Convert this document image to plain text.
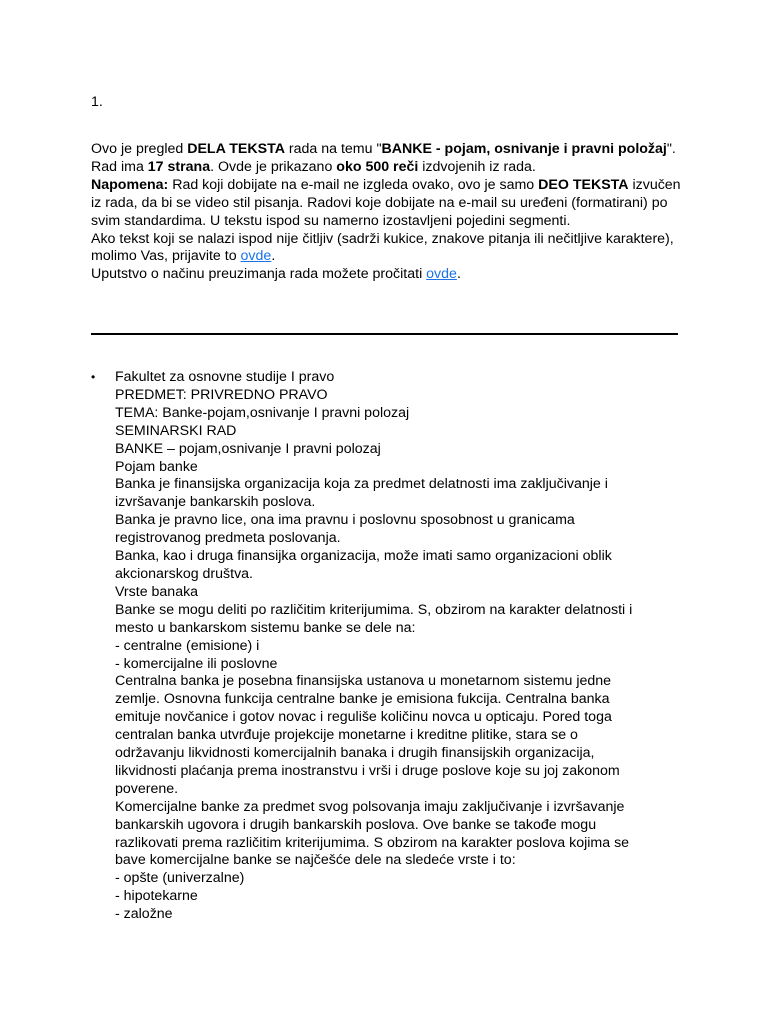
1.
Ovo je pregled DELA TEKSTA rada na temu "BANKE - pojam, osnivanje i pravni položaj". Rad ima 17 strana. Ovde je prikazano oko 500 reči izdvojenih iz rada.
Napomena: Rad koji dobijate na e-mail ne izgleda ovako, ovo je samo DEO TEKSTA izvučen iz rada, da bi se video stil pisanja. Radovi koje dobijate na e-mail su uređeni (formatirani) po svim standardima. U tekstu ispod su namerno izostavljeni pojedini segmenti.
Ako tekst koji se nalazi ispod nije čitljiv (sadrži kukice, znakove pitanja ili nečitljive karaktere), molimo Vas, prijavite to ovde.
Uputstvo o načinu preuzimanja rada možete pročitati ovde.
• Fakultet za osnovne studije I pravo
PREDMET: PRIVREDNO PRAVO
TEMA: Banke-pojam,osnivanje I pravni polozaj
SEMINARSKI RAD
BANKE – pojam,osnivanje I pravni polozaj
Pojam banke
Banka je finansijska organizacija koja za predmet delatnosti ima zaključivanje i
izvršavanje bankarskih poslova.
Banka je pravno lice, ona ima pravnu i poslovnu sposobnost u granicama
registrovanog predmeta poslovanja.
Banka, kao i druga finansijka organizacija, može imati samo organizacioni oblik
akcionarskog društva.
Vrste banaka
Banke se mogu deliti po različitim kriterijumima. S, obzirom na karakter delatnosti i
mesto u bankarskom sistemu banke se dele na:
- centralne (emisione) i
- komercijalne ili poslovne
Centralna banka je posebna finansijska ustanova u monetarnom sistemu jedne
zemlje. Osnovna funkcija centralne banke je emisiona fukcija. Centralna banka
emituje novčanice i gotov novac i reguliše količinu novca u opticaju. Pored toga
centralan banka utvrđuje projekcije monetarne i kreditne plitike, stara se o
održavanju likvidnosti komercijalnih banaka i drugih finansijskih organizacija,
likvidnosti plaćanja prema inostranstvu i vrši i druge poslove koje su joj zakonom
poverene.
Komercijalne banke za predmet svog polsovanja imaju zaključivanje i izvršavanje
bankarskih ugovora i drugih bankarskih poslova. Ove banke se takođe mogu
razlikovati prema različitim kriterijumima. S obzirom na karakter poslova kojima se
bave komercijalne banke se najčešće dele na sledeće vrste i to:
- opšte (univerzalne)
- hipotekarne
- založne
